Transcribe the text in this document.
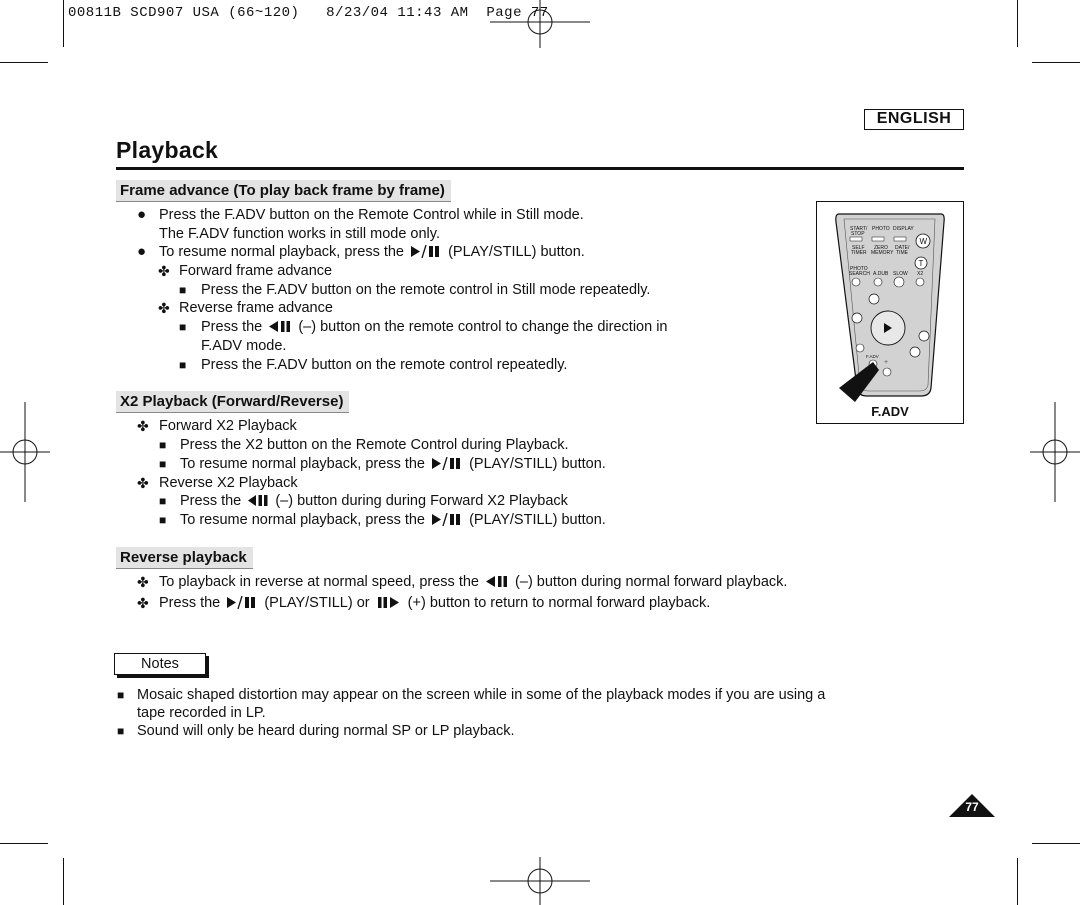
00811B SCD907 USA (66~120)   8/23/04 11:43 AM  Page 77
ENGLISH
Playback
Frame advance (To play back frame by frame)
● Press the F.ADV button on the Remote Control while in Still mode.
The F.ADV function works in still mode only.
● To resume normal playback, press the	(PLAY/STILL) button.
✤ Forward frame advance
■ Press the F.ADV button on the remote control in Still mode repeatedly.
✤ Reverse frame advance
■ Press the (–) button on the remote control to change the direction in
F.ADV mode.
■ Press the F.ADV button on the remote control repeatedly.
X2 Playback (Forward/Reverse)
✤ Forward X2 Playback
■ Press the X2 button on the Remote Control during Playback.
■ To resume normal playback, press the	(PLAY/STILL) button.
✤ Reverse X2 Playback
■ Press the (–) button during during Forward X2 Playback
■ To resume normal playback, press the	(PLAY/STILL) button.
Reverse playback
✤ To playback in reverse at normal speed, press the (–) button during normal forward playback.
✤ Press the	(PLAY/STILL) or	(+) button to return to normal forward playback.
Notes
■ Mosaic shaped distortion may appear on the screen while in some of the playback modes if you are using a
tape recorded in LP.
■ Sound will only be heard during normal SP or LP playback.
START/ STOP
PHOTO DISPLAY
SELF TIMER
ZERO MEMORY
DATE/ TIME
PHOTO SEARCH A.DUB SLOW
W
T
X2
F.ADV
+
F.ADV
77
